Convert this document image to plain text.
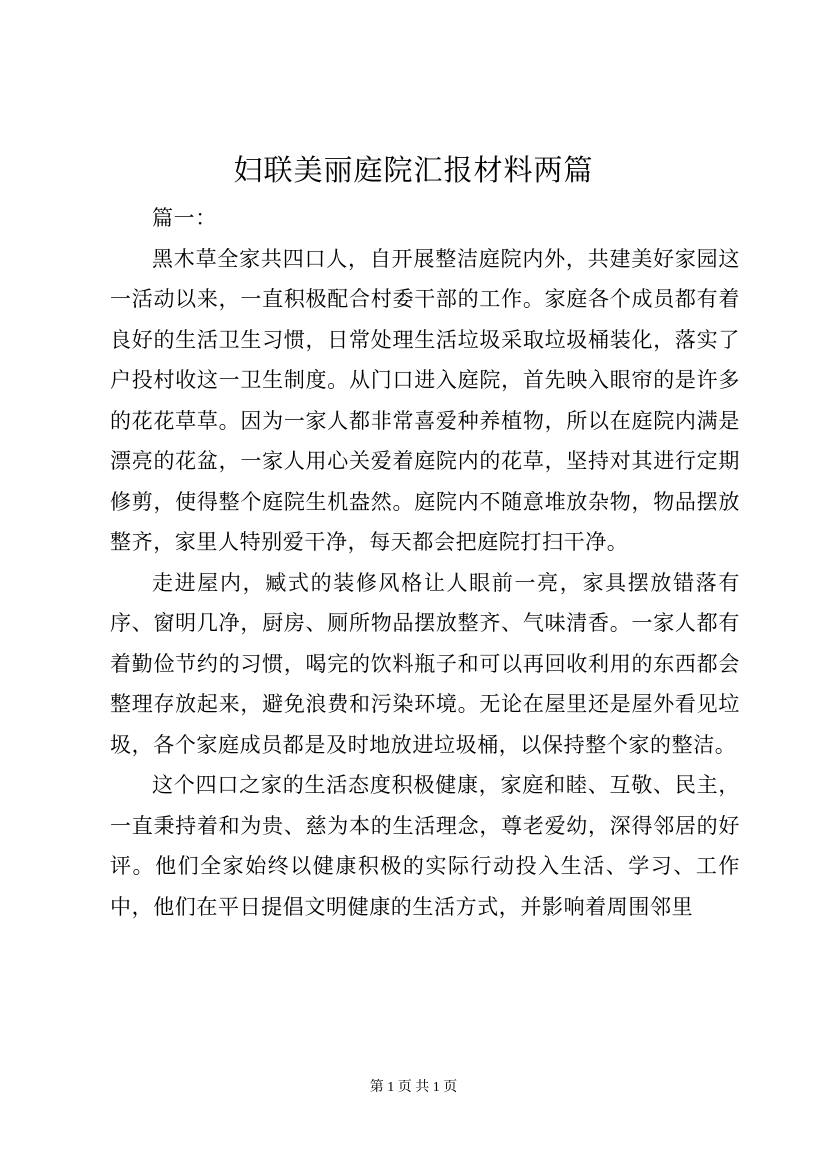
妇联美丽庭院汇报材料两篇

篇一：

黑木草全家共四口人，自开展整洁庭院内外，共建美好家园这一活动以来，一直积极配合村委干部的工作。家庭各个成员都有着良好的生活卫生习惯，日常处理生活垃圾采取垃圾桶装化，落实了户投村收这一卫生制度。从门口进入庭院，首先映入眼帘的是许多的花花草草。因为一家人都非常喜爱种养植物，所以在庭院内满是漂亮的花盆，一家人用心关爱着庭院内的花草，坚持对其进行定期修剪，使得整个庭院生机盎然。庭院内不随意堆放杂物，物品摆放整齐，家里人特别爱干净，每天都会把庭院打扫干净。

走进屋内，臧式的装修风格让人眼前一亮，家具摆放错落有序、窗明几净，厨房、厕所物品摆放整齐、气味清香。一家人都有着勤俭节约的习惯，喝完的饮料瓶子和可以再回收利用的东西都会整理存放起来，避免浪费和污染环境。无论在屋里还是屋外看见垃圾，各个家庭成员都是及时地放进垃圾桶，以保持整个家的整洁。

这个四口之家的生活态度积极健康，家庭和睦、互敬、民主，一直秉持着和为贵、慈为本的生活理念，尊老爱幼，深得邻居的好评。他们全家始终以健康积极的实际行动投入生活、学习、工作中，他们在平日提倡文明健康的生活方式，并影响着周围邻里

第 1 页 共 1 页
